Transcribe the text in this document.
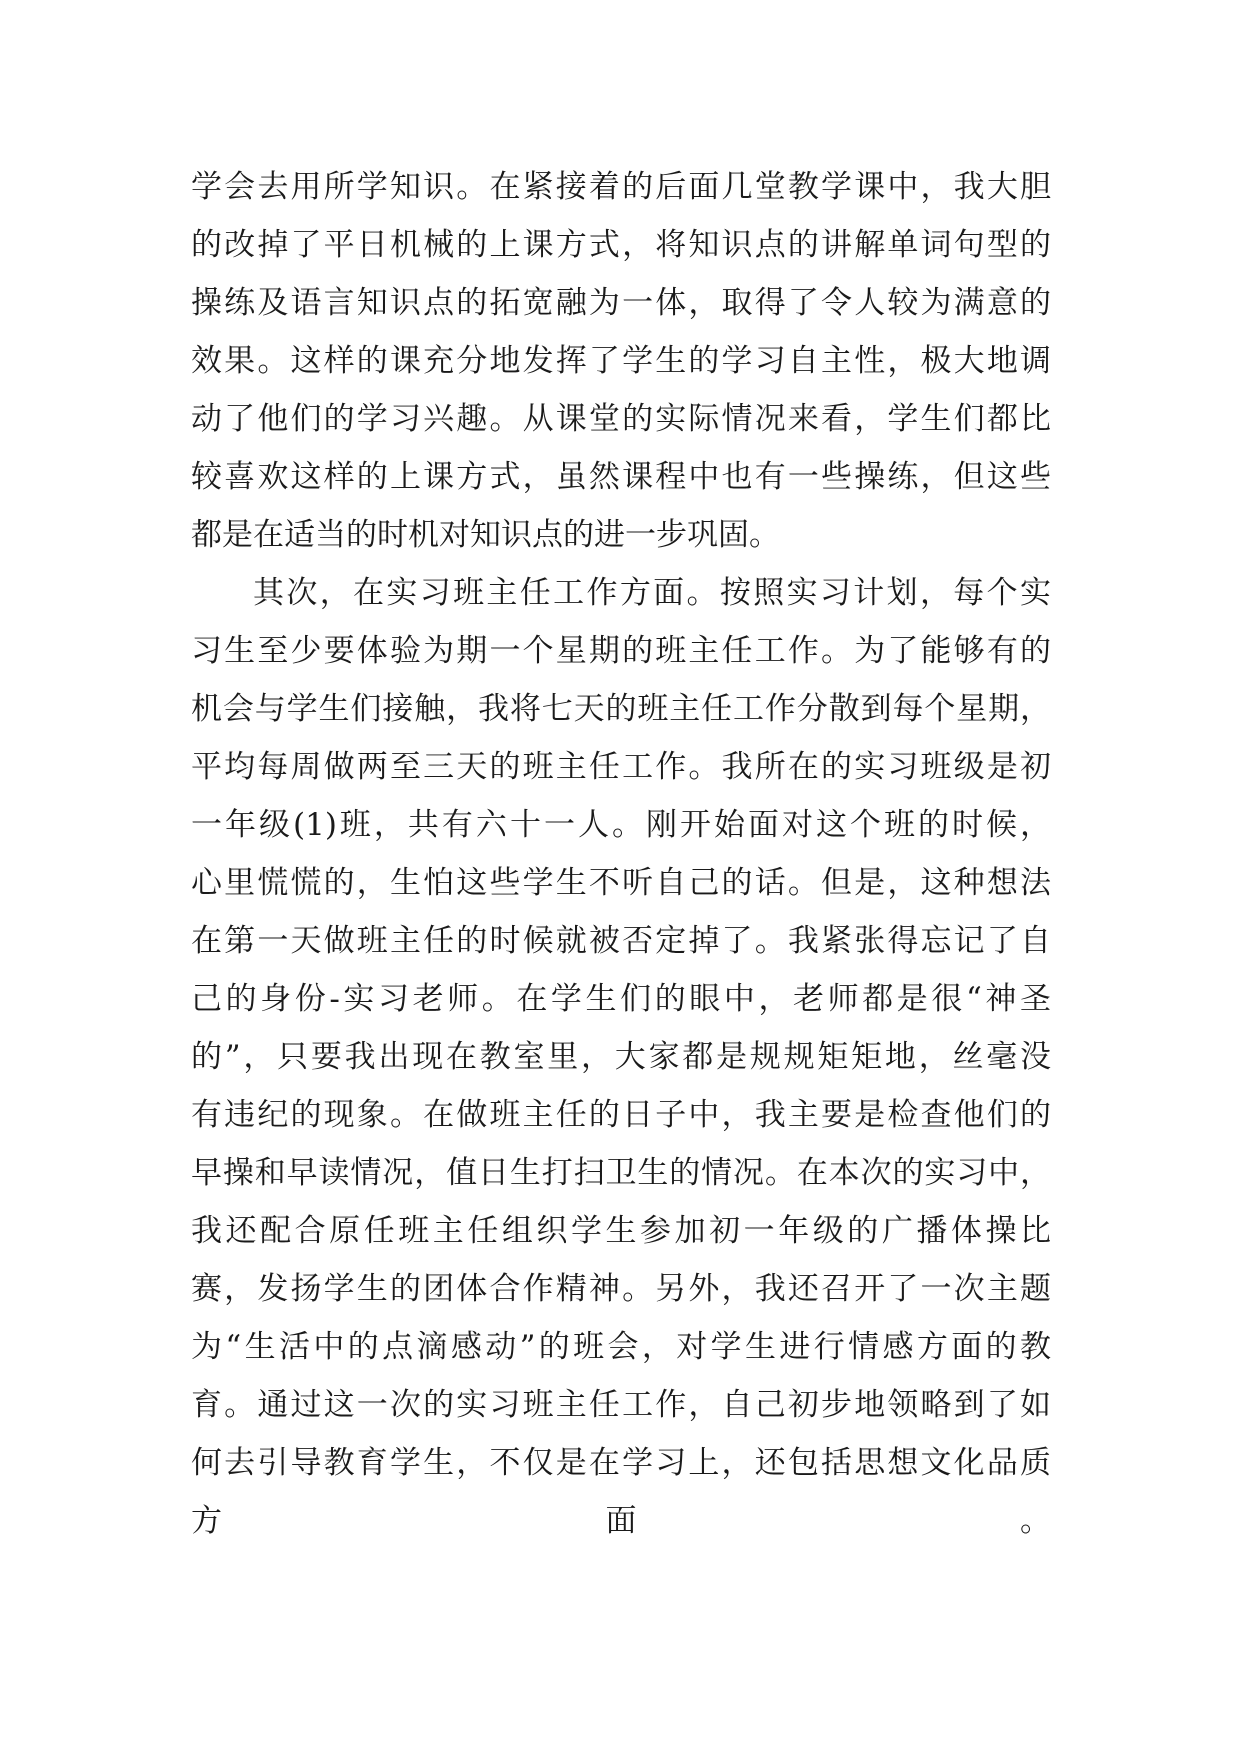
学会去用所学知识。在紧接着的后面几堂教学课中，我大胆
的改掉了平日机械的上课方式，将知识点的讲解单词句型的
操练及语言知识点的拓宽融为一体，取得了令人较为满意的
效果。这样的课充分地发挥了学生的学习自主性，极大地调
动了他们的学习兴趣。从课堂的实际情况来看，学生们都比
较喜欢这样的上课方式，虽然课程中也有一些操练，但这些
都是在适当的时机对知识点的进一步巩固。
其次，在实习班主任工作方面。按照实习计划，每个实
习生至少要体验为期一个星期的班主任工作。为了能够有的
机会与学生们接触，我将七天的班主任工作分散到每个星期，
平均每周做两至三天的班主任工作。我所在的实习班级是初
一年级(1)班，共有六十一人。刚开始面对这个班的时候，
心里慌慌的，生怕这些学生不听自己的话。但是，这种想法
在第一天做班主任的时候就被否定掉了。我紧张得忘记了自
己的身份-实习老师。在学生们的眼中，老师都是很“神圣
的”，只要我出现在教室里，大家都是规规矩矩地，丝毫没
有违纪的现象。在做班主任的日子中，我主要是检查他们的
早操和早读情况，值日生打扫卫生的情况。在本次的实习中，
我还配合原任班主任组织学生参加初一年级的广播体操比
赛，发扬学生的团体合作精神。另外，我还召开了一次主题
为“生活中的点滴感动”的班会，对学生进行情感方面的教
育。通过这一次的实习班主任工作，自己初步地领略到了如
何去引导教育学生，不仅是在学习上，还包括思想文化品质
方面。
